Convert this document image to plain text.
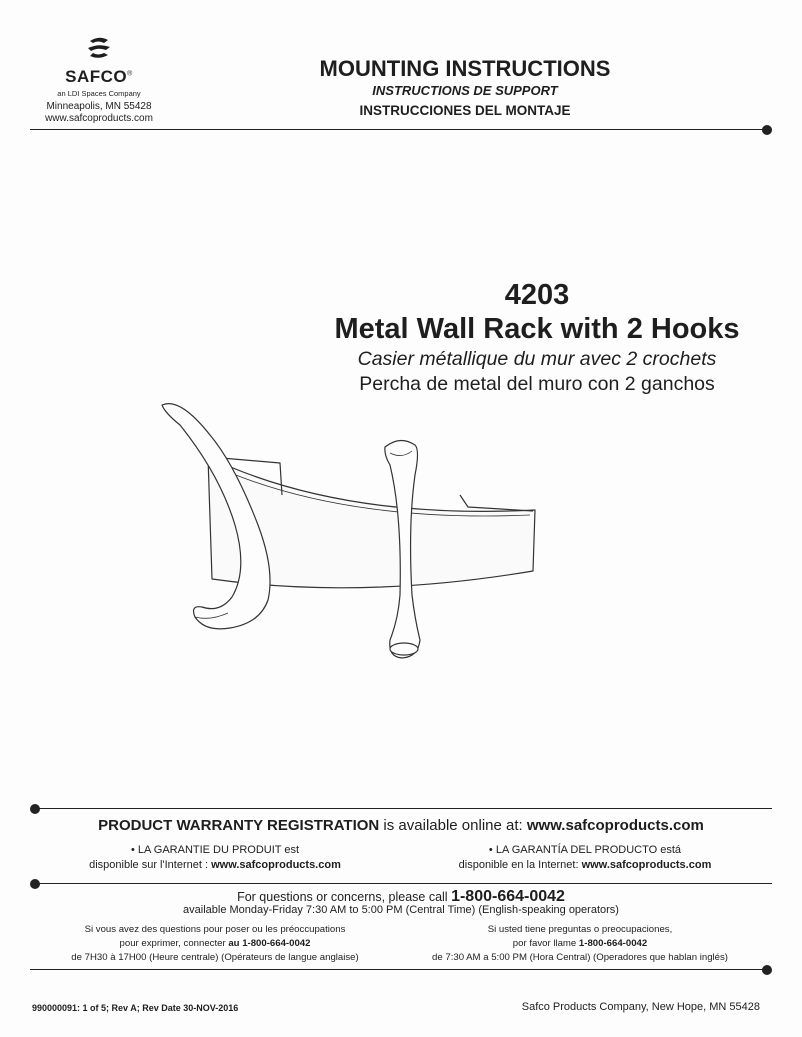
SAFCO®
an LDI Spaces Company
Minneapolis, MN 55428
www.safcoproducts.com
MOUNTING INSTRUCTIONS
INSTRUCTIONS DE SUPPORT
INSTRUCCIONES DEL MONTAJE
4203
Metal Wall Rack with 2 Hooks
Casier métallique du mur avec 2 crochets
Percha de metal del muro con 2 ganchos
PRODUCT WARRANTY REGISTRATION is available online at: www.safcoproducts.com
• LA GARANTIE DU PRODUIT est
disponible sur l'Internet : www.safcoproducts.com
• LA GARANTÍA DEL PRODUCTO está
disponible en la Internet: www.safcoproducts.com
For questions or concerns, please call 1-800-664-0042
available Monday-Friday 7:30 AM to 5:00 PM (Central Time) (English-speaking operators)
Si vous avez des questions pour poser ou les préoccupations
pour exprimer, connecter au 1-800-664-0042
de 7H30 à 17H00 (Heure centrale) (Opérateurs de langue anglaise)
Si usted tiene preguntas o preocupaciones,
por favor llame 1-800-664-0042
de 7:30 AM a 5:00 PM (Hora Central) (Operadores que hablan inglés)
990000091: 1 of 5; Rev A; Rev Date 30-NOV-2016	Safco Products Company, New Hope, MN 55428
